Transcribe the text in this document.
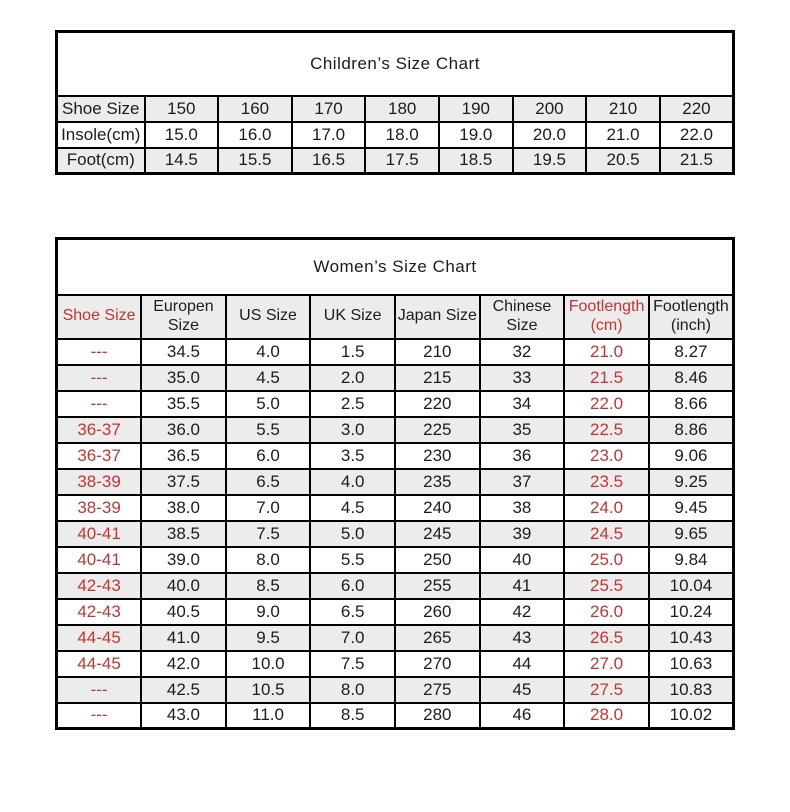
Children’s Size Chart								
Shoe Size	150	160	170	180	190	200	210	220
Insole(cm)	15.0	16.0	17.0	18.0	19.0	20.0	21.0	22.0
Foot(cm)	14.5	15.5	16.5	17.5	18.5	19.5	20.5	21.5
Women’s Size Chart							
Shoe Size	Europen Size	US Size	UK Size	Japan Size	Chinese Size	Footlength (cm)	Footlength (inch)
---	34.5	4.0	1.5	210	32	21.0	8.27
---	35.0	4.5	2.0	215	33	21.5	8.46
---	35.5	5.0	2.5	220	34	22.0	8.66
36-37	36.0	5.5	3.0	225	35	22.5	8.86
36-37	36.5	6.0	3.5	230	36	23.0	9.06
38-39	37.5	6.5	4.0	235	37	23.5	9.25
38-39	38.0	7.0	4.5	240	38	24.0	9.45
40-41	38.5	7.5	5.0	245	39	24.5	9.65
40-41	39.0	8.0	5.5	250	40	25.0	9.84
42-43	40.0	8.5	6.0	255	41	25.5	10.04
42-43	40.5	9.0	6.5	260	42	26.0	10.24
44-45	41.0	9.5	7.0	265	43	26.5	10.43
44-45	42.0	10.0	7.5	270	44	27.0	10.63
---	42.5	10.5	8.0	275	45	27.5	10.83
---	43.0	11.0	8.5	280	46	28.0	10.02
